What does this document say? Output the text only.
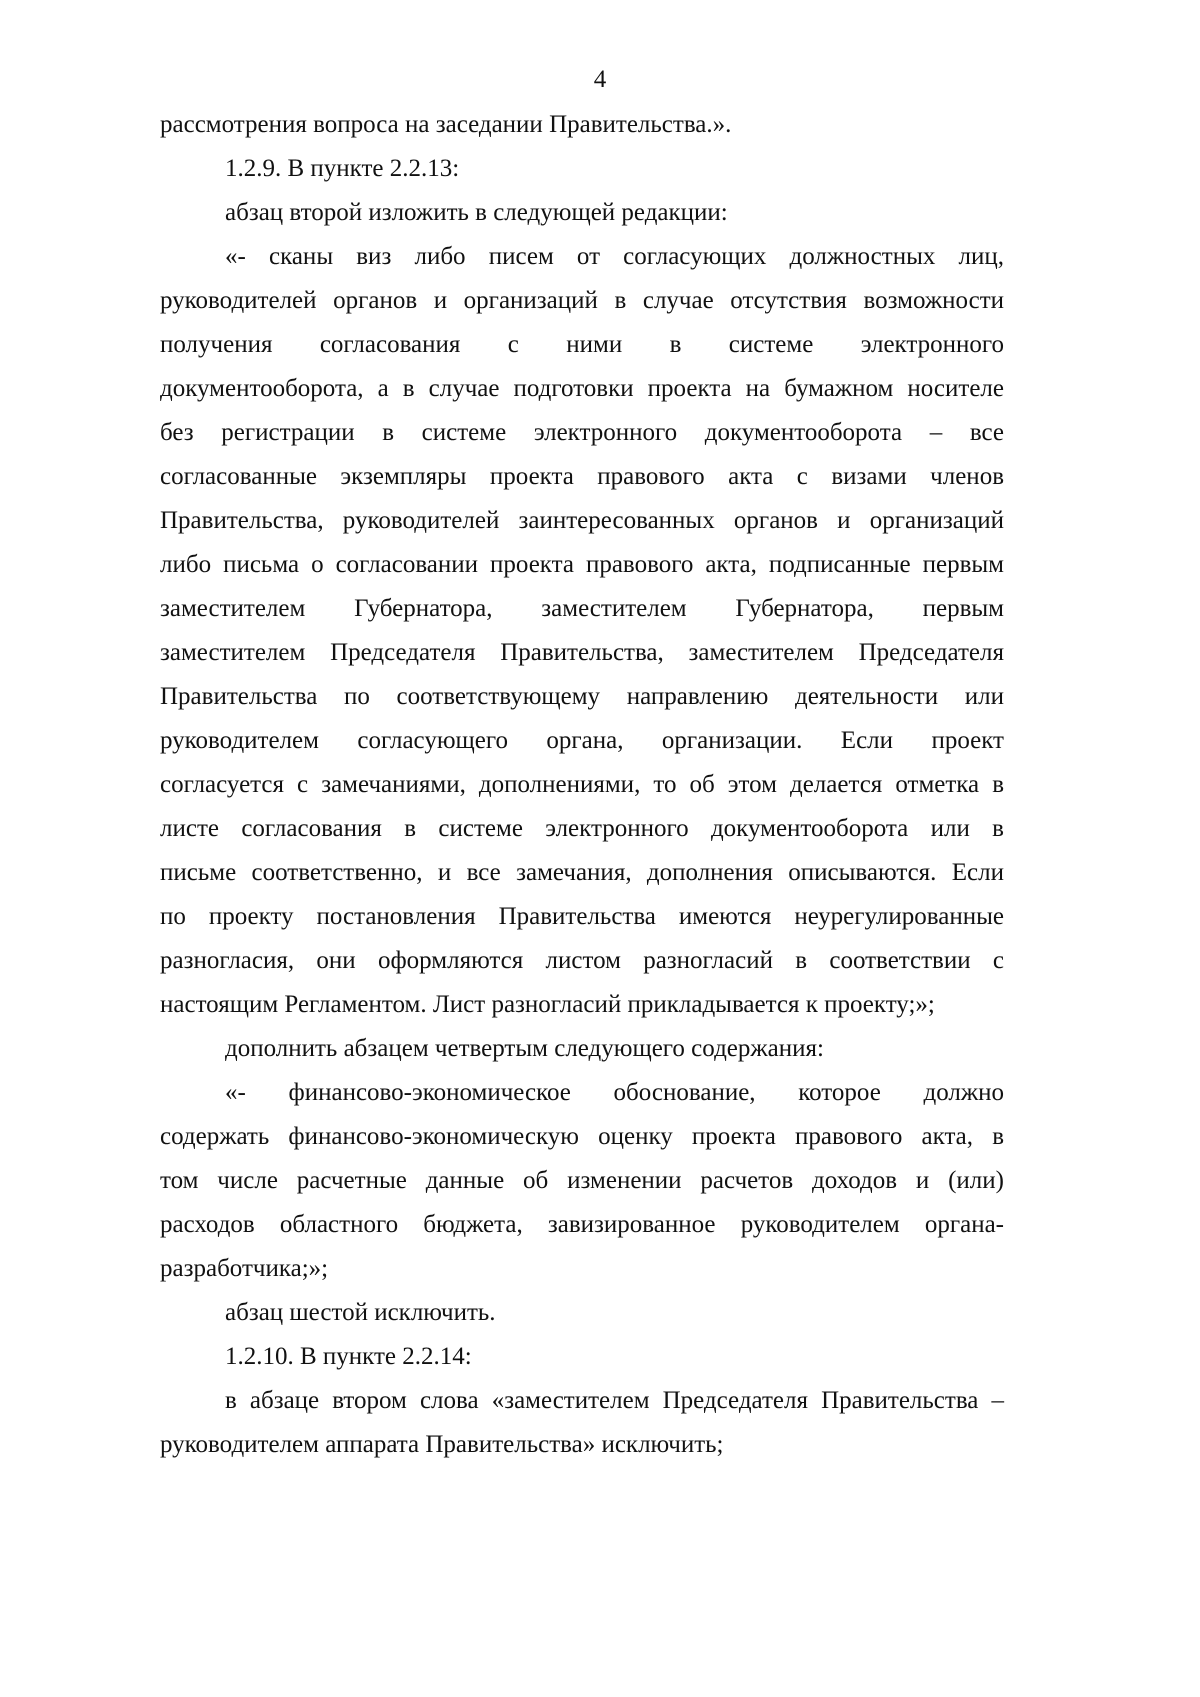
4
рассмотрения вопроса на заседании Правительства.».
1.2.9. В пункте 2.2.13:
абзац второй изложить в следующей редакции:
«- сканы виз либо писем от согласующих должностных лиц,
руководителей органов и организаций в случае отсутствия возможности
получения согласования с ними в системе электронного
документооборота, а в случае подготовки проекта на бумажном носителе
без регистрации в системе электронного документооборота – все
согласованные экземпляры проекта правового акта с визами членов
Правительства, руководителей заинтересованных органов и организаций
либо письма о согласовании проекта правового акта, подписанные первым
заместителем Губернатора, заместителем Губернатора, первым
заместителем Председателя Правительства, заместителем Председателя
Правительства по соответствующему направлению деятельности или
руководителем согласующего органа, организации. Если проект
согласуется с замечаниями, дополнениями, то об этом делается отметка в
листе согласования в системе электронного документооборота или в
письме соответственно, и все замечания, дополнения описываются. Если
по проекту постановления Правительства имеются неурегулированные
разногласия, они оформляются листом разногласий в соответствии с
настоящим Регламентом. Лист разногласий прикладывается к проекту;»;
дополнить абзацем четвертым следующего содержания:
«- финансово-экономическое обоснование, которое должно
содержать финансово-экономическую оценку проекта правового акта, в
том числе расчетные данные об изменении расчетов доходов и (или)
расходов областного бюджета, завизированное руководителем органа-
разработчика;»;
абзац шестой исключить.
1.2.10. В пункте 2.2.14:
в абзаце втором слова «заместителем Председателя Правительства –
руководителем аппарата Правительства» исключить;
